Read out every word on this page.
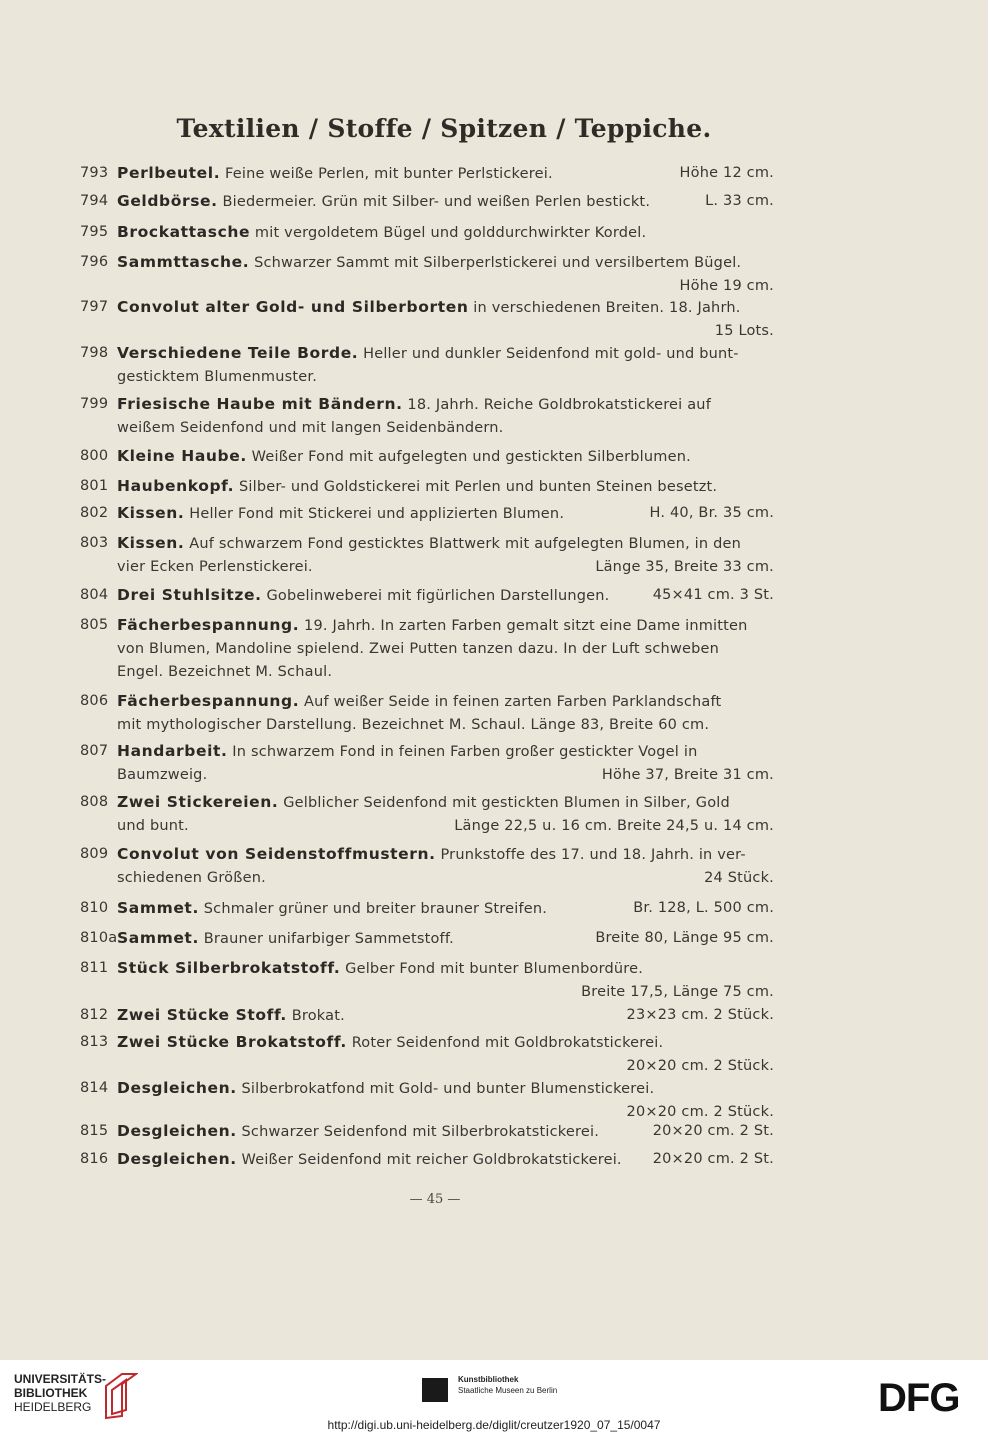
Textilien / Stoffe / Spitzen / Teppiche.
793 Perlbeutel. Feine weiße Perlen, mit bunter Perlstickerei.	Höhe 12 cm.
794 Geldbörse. Biedermeier. Grün mit Silber- und weißen Perlen bestickt.	L. 33 cm.
795 Brockattasche mit vergoldetem Bügel und golddurchwirkter Kordel.
796 Sammttasche. Schwarzer Sammt mit Silberperlstickerei und versilbertem Bügel.
Höhe 19 cm.
797 Convolut alter Gold- und Silberborten in verschiedenen Breiten. 18. Jahrh.
15 Lots.
798 Verschiedene Teile Borde. Heller und dunkler Seidenfond mit gold- und bunt-
gesticktem Blumenmuster.
799 Friesische Haube mit Bändern. 18. Jahrh. Reiche Goldbrokatstickerei auf
weißem Seidenfond und mit langen Seidenbändern.
800 Kleine Haube. Weißer Fond mit aufgelegten und gestickten Silberblumen.
801 Haubenkopf. Silber- und Goldstickerei mit Perlen und bunten Steinen besetzt.
802 Kissen. Heller Fond mit Stickerei und applizierten Blumen.	H. 40, Br. 35 cm.
803 Kissen. Auf schwarzem Fond gesticktes Blattwerk mit aufgelegten Blumen, in den
vier Ecken Perlenstickerei.	Länge 35, Breite 33 cm.
804 Drei Stuhlsitze. Gobelinweberei mit figürlichen Darstellungen.	45×41 cm. 3 St.
805 Fächerbespannung. 19. Jahrh. In zarten Farben gemalt sitzt eine Dame inmitten
von Blumen, Mandoline spielend. Zwei Putten tanzen dazu. In der Luft schweben
Engel. Bezeichnet M. Schaul.
806 Fächerbespannung. Auf weißer Seide in feinen zarten Farben Parklandschaft
mit mythologischer Darstellung. Bezeichnet M. Schaul. Länge 83, Breite 60 cm.
807 Handarbeit. In schwarzem Fond in feinen Farben großer gestickter Vogel in
Baumzweig.	Höhe 37, Breite 31 cm.
808 Zwei Stickereien. Gelblicher Seidenfond mit gestickten Blumen in Silber, Gold
und bunt.	Länge 22,5 u. 16 cm. Breite 24,5 u. 14 cm.
809 Convolut von Seidenstoffmustern. Prunkstoffe des 17. und 18. Jahrh. in ver-
schiedenen Größen.	24 Stück.
810 Sammet. Schmaler grüner und breiter brauner Streifen.	Br. 128, L. 500 cm.
810a Sammet. Brauner unifarbiger Sammetstoff.	Breite 80, Länge 95 cm.
811 Stück Silberbrokatstoff. Gelber Fond mit bunter Blumenbordüre.
Breite 17,5, Länge 75 cm.
812 Zwei Stücke Stoff. Brokat.	23×23 cm. 2 Stück.
813 Zwei Stücke Brokatstoff. Roter Seidenfond mit Goldbrokatstickerei.
20×20 cm. 2 Stück.
814 Desgleichen. Silberbrokatfond mit Gold- und bunter Blumenstickerei.
20×20 cm. 2 Stück.
815 Desgleichen. Schwarzer Seidenfond mit Silberbrokatstickerei.	20×20 cm. 2 St.
816 Desgleichen. Weißer Seidenfond mit reicher Goldbrokatstickerei. 20×20 cm. 2 St.
— 45 —
UNIVERSITÄTS-
BIBLIOTHEK
HEIDELBERG
Kunstbibliothek
Staatliche Museen zu Berlin	DFG
http://digi.ub.uni-heidelberg.de/diglit/creutzer1920_07_15/0047
